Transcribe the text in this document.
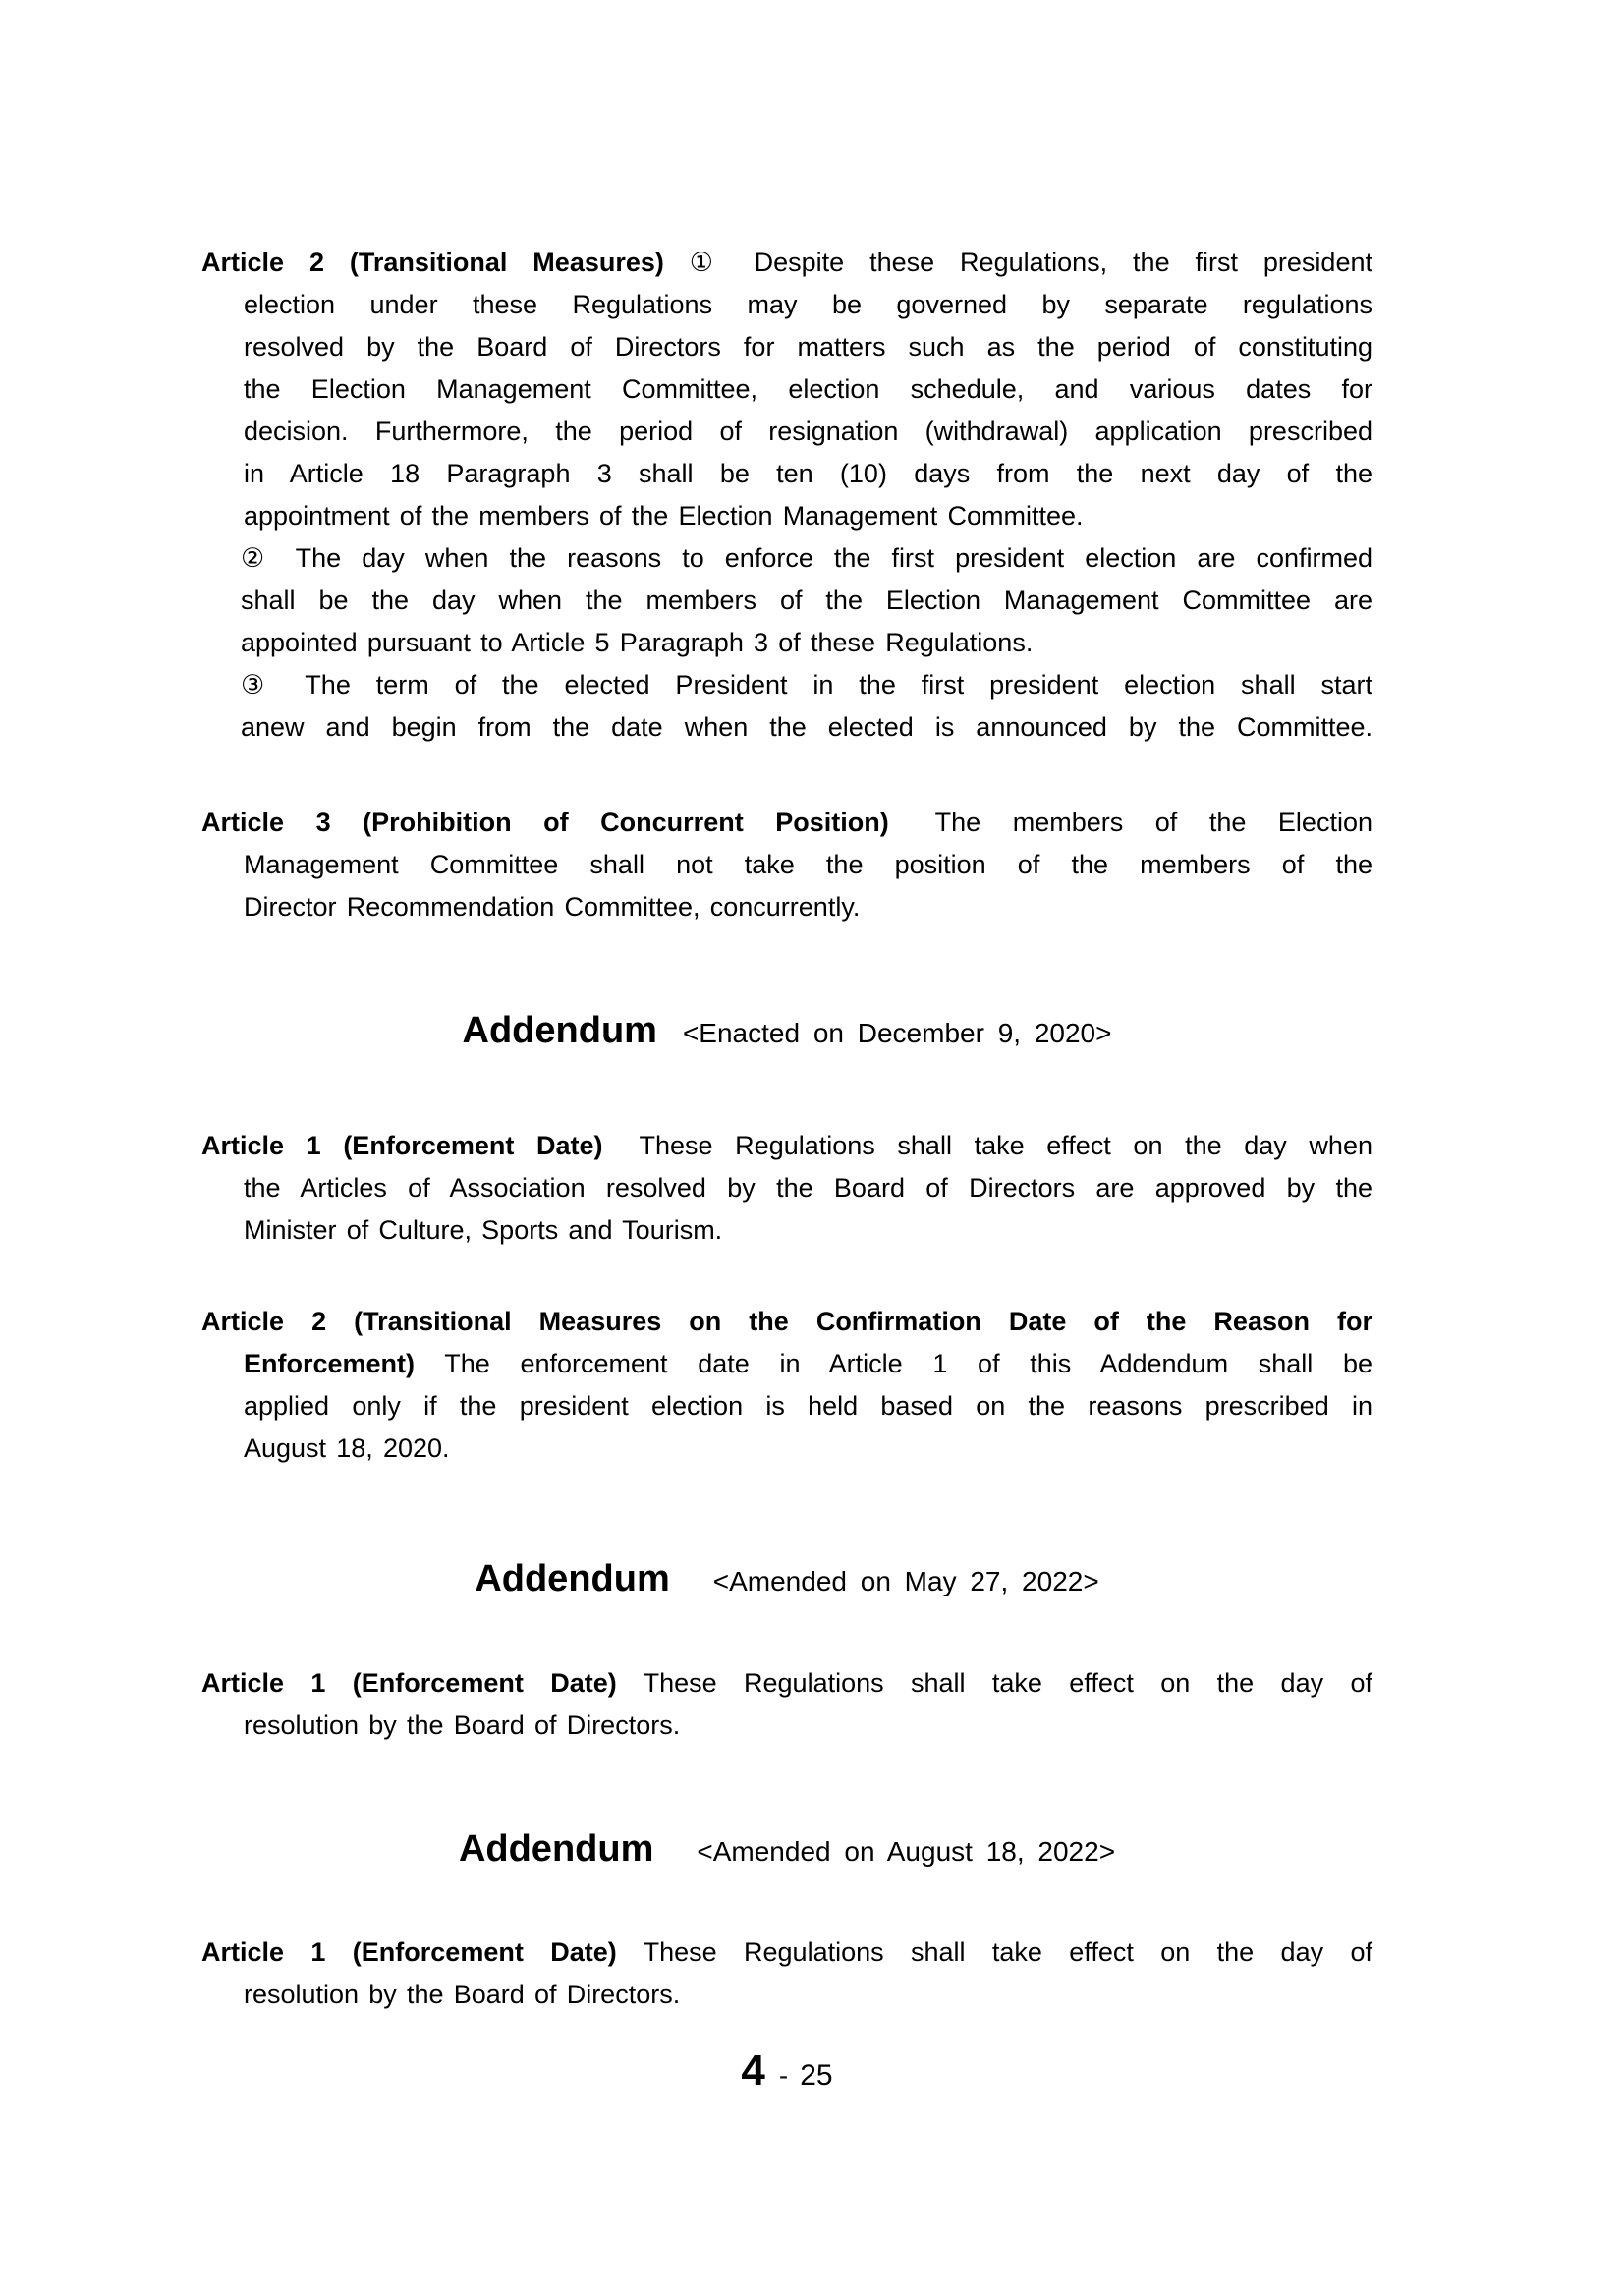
Article 2 (Transitional Measures) ① Despite these Regulations, the first president
election under these Regulations may be governed by separate regulations
resolved by the Board of Directors for matters such as the period of constituting
the Election Management Committee, election schedule, and various dates for
decision. Furthermore, the period of resignation (withdrawal) application prescribed
in Article 18 Paragraph 3 shall be ten (10) days from the next day of the
appointment of the members of the Election Management Committee.
② The day when the reasons to enforce the first president election are confirmed
shall be the day when the members of the Election Management Committee are
appointed pursuant to Article 5 Paragraph 3 of these Regulations.
③ The term of the elected President in the first president election shall start
anew and begin from the date when the elected is announced by the Committee.
Article 3 (Prohibition of Concurrent Position) The members of the Election
Management Committee shall not take the position of the members of the
Director Recommendation Committee, concurrently.
Addendum <Enacted on December 9, 2020>
Article 1 (Enforcement Date) These Regulations shall take effect on the day when
the Articles of Association resolved by the Board of Directors are approved by the
Minister of Culture, Sports and Tourism.
Article 2 (Transitional Measures on the Confirmation Date of the Reason for
Enforcement) The enforcement date in Article 1 of this Addendum shall be
applied only if the president election is held based on the reasons prescribed in
August 18, 2020.
Addendum <Amended on May 27, 2022>
Article 1 (Enforcement Date) These Regulations shall take effect on the day of
resolution by the Board of Directors.
Addendum <Amended on August 18, 2022>
Article 1 (Enforcement Date) These Regulations shall take effect on the day of
resolution by the Board of Directors.
4 - 25
